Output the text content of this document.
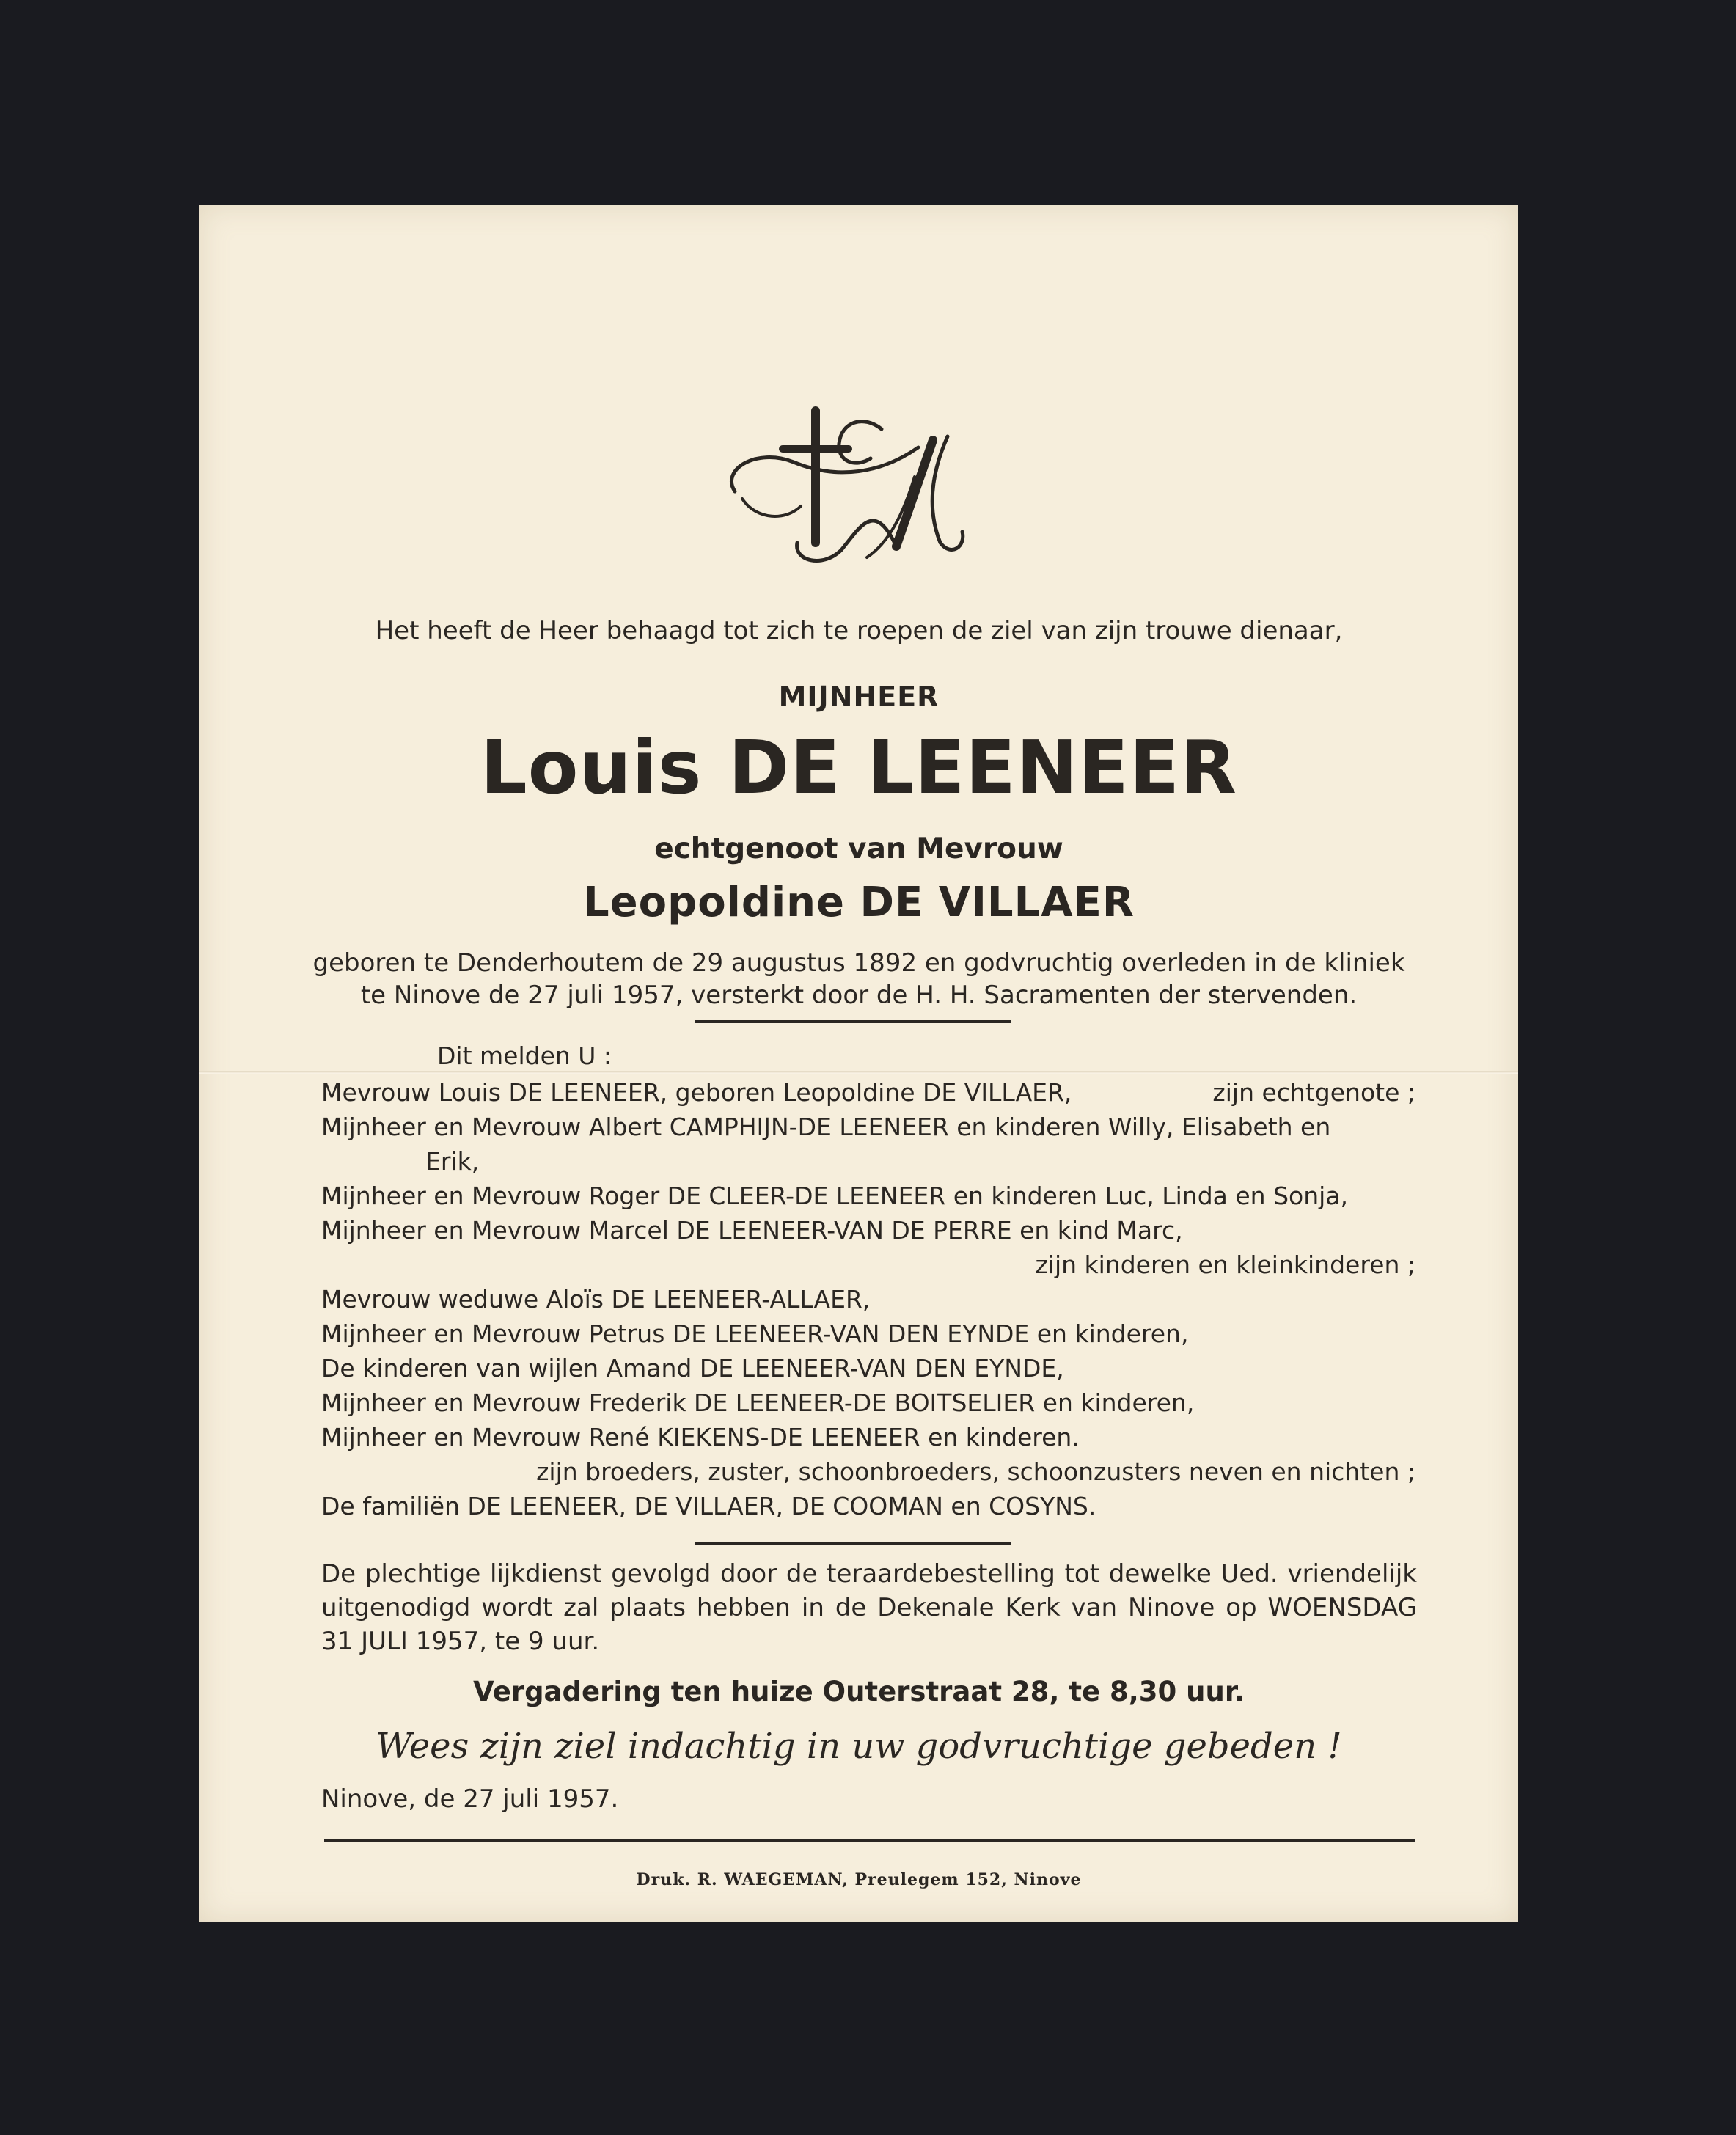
Het heeft de Heer behaagd tot zich te roepen de ziel van zijn trouwe dienaar,
MIJNHEER
Louis DE LEENEER
echtgenoot van Mevrouw
Leopoldine DE VILLAER
geboren te Denderhoutem de 29 augustus 1892 en godvruchtig overleden in de kliniek
te Ninove de 27 juli 1957, versterkt door de H. H. Sacramenten der stervenden.
Dit melden U :
Mevrouw Louis DE LEENEER, geboren Leopoldine DE VILLAER,	zijn echtgenote ;
Mijnheer en Mevrouw Albert CAMPHIJN-DE LEENEER en kinderen Willy, Elisabeth en
Erik,
Mijnheer en Mevrouw Roger DE CLEER-DE LEENEER en kinderen Luc, Linda en Sonja,
Mijnheer en Mevrouw Marcel DE LEENEER-VAN DE PERRE en kind Marc,
zijn kinderen en kleinkinderen ;
Mevrouw weduwe Aloïs DE LEENEER-ALLAER,
Mijnheer en Mevrouw Petrus DE LEENEER-VAN DEN EYNDE en kinderen,
De kinderen van wijlen Amand DE LEENEER-VAN DEN EYNDE,
Mijnheer en Mevrouw Frederik DE LEENEER-DE BOITSELIER en kinderen,
Mijnheer en Mevrouw René KIEKENS-DE LEENEER en kinderen.
zijn broeders, zuster, schoonbroeders, schoonzusters neven en nichten ;
De familiën DE LEENEER, DE VILLAER, DE COOMAN en COSYNS.
De plechtige lijkdienst gevolgd door de teraardebestelling tot dewelke Ued. vriendelijk uitgenodigd wordt zal plaats hebben in de Dekenale Kerk van Ninove op WOENSDAG 31 JULI 1957, te 9 uur.
Vergadering ten huize Outerstraat 28, te 8,30 uur.
Wees zijn ziel indachtig in uw godvruchtige gebeden !
Ninove, de 27 juli 1957.
Druk. R. WAEGEMAN, Preulegem 152, Ninove
